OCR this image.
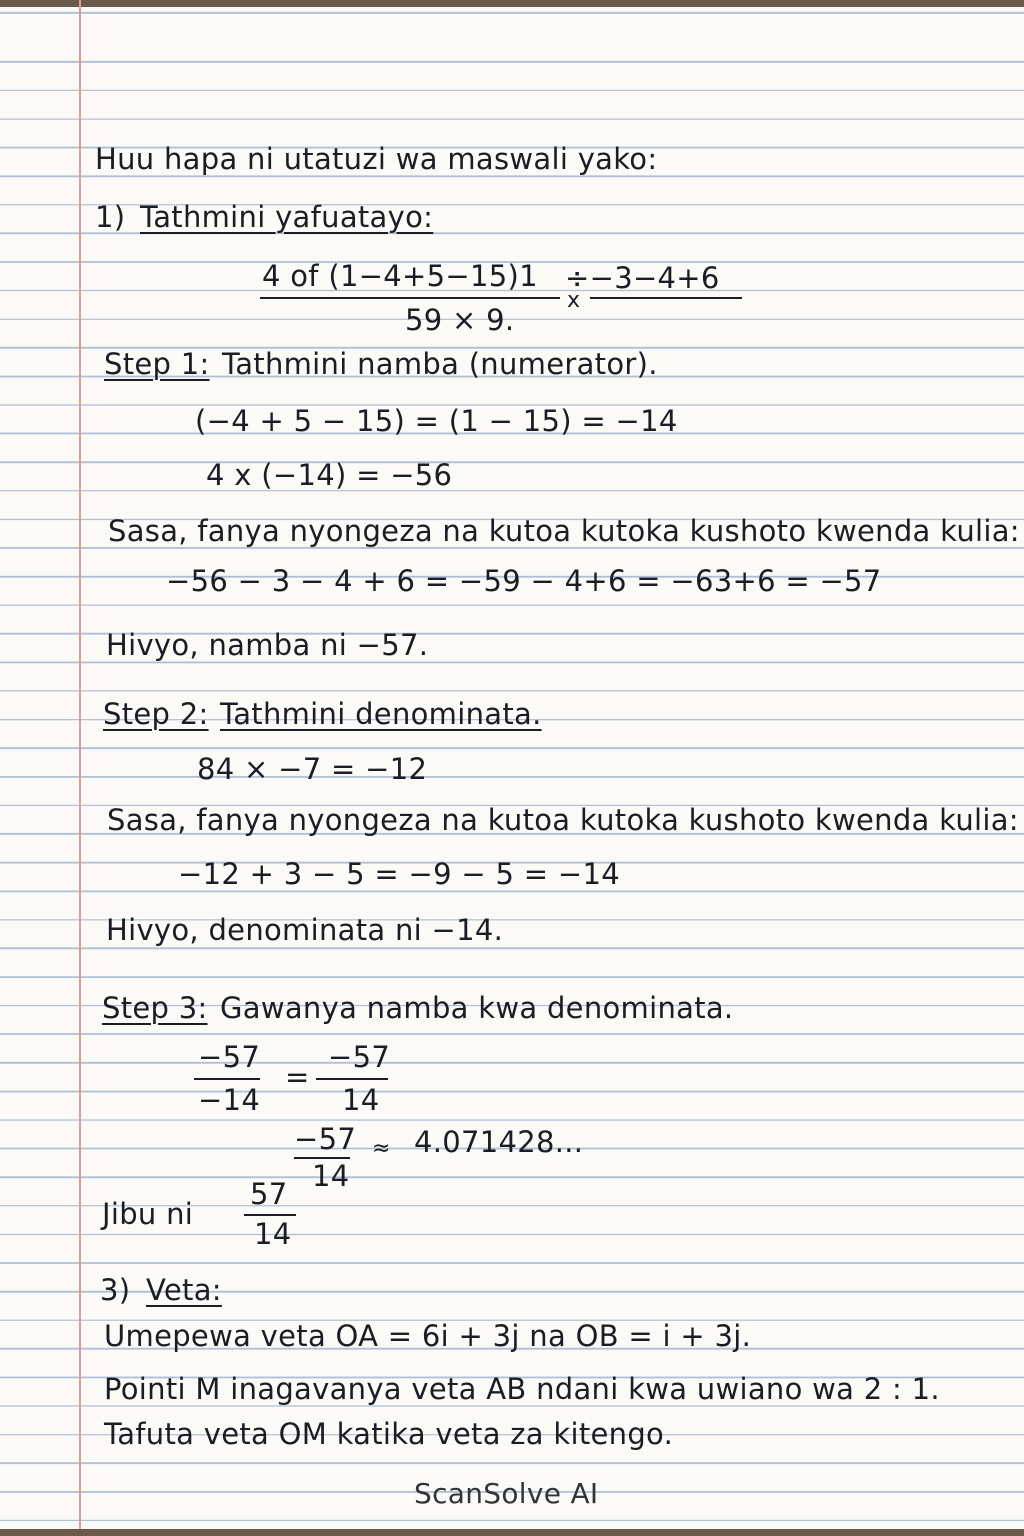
Huu hapa ni utatuzi wa maswali yako:
1) Tathmini yafuatayo:
4 of (1−4+5−15)1 ÷−3−4+6
x
59 × 9.
Step 1: Tathmini namba (numerator).
(−4 + 5 − 15) = (1 − 15) = −14
4 x (−14) = −56
Sasa, fanya nyongeza na kutoa kutoka kushoto kwenda kulia:
−56 − 3 − 4 + 6 = −59 − 4+6 = −63+6 = −57
Hivyo, namba ni −57.
Step 2: Tathmini denominata.
84 × −7 = −12
Sasa, fanya nyongeza na kutoa kutoka kushoto kwenda kulia:
−12 + 3 − 5 = −9 − 5 = −14
Hivyo, denominata ni −14.
Step 3: Gawanya namba kwa denominata.
−57
−14
=
−57
14
−57
14
≈ 4.071428...
Jibu ni
57
14
3) Veta:
Umepewa veta OA = 6i + 3j na OB = i + 3j.
Pointi M inagavanya veta AB ndani kwa uwiano wa 2 : 1.
Tafuta veta OM katika veta za kitengo.
ScanSolve AI
